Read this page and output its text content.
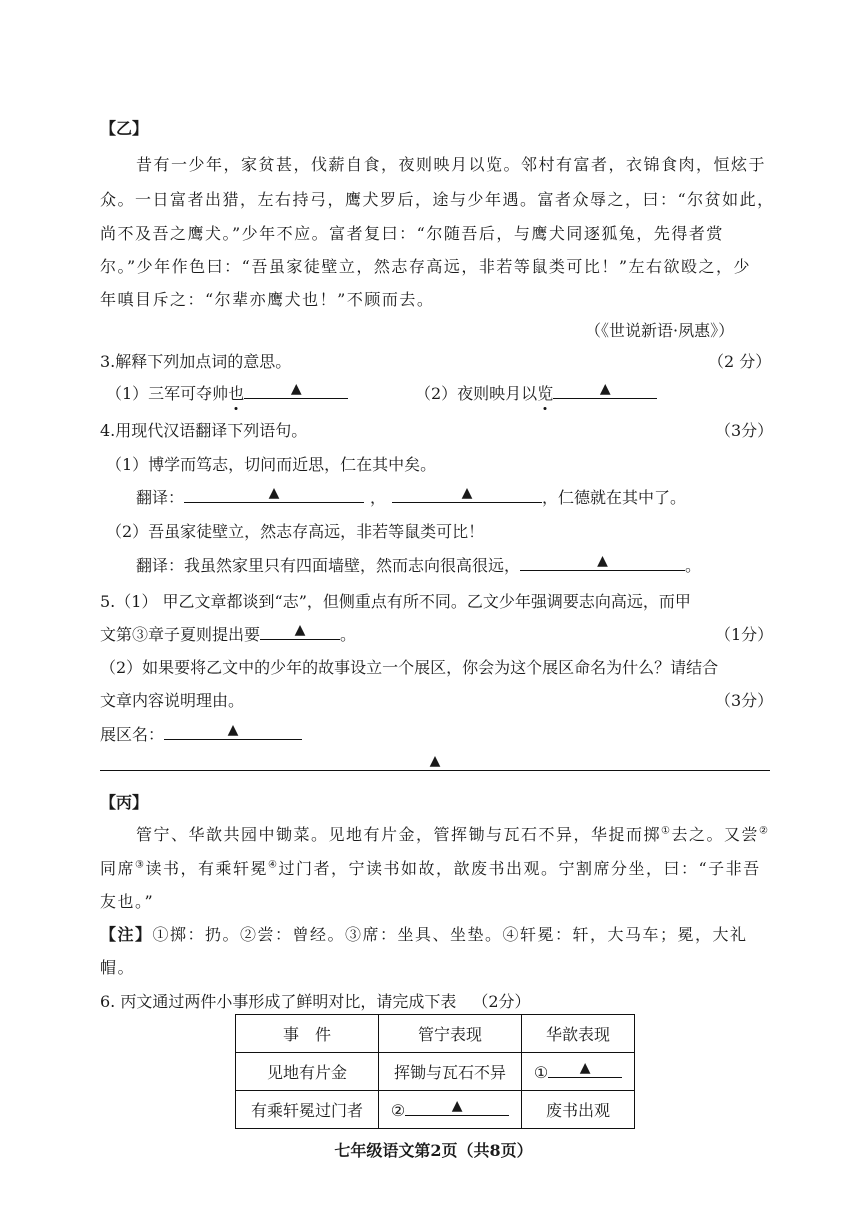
【乙】
昔有一少年，家贫甚，伐薪自食，夜则映月以览。邻村有富者，衣锦食肉，恒炫于
众。一日富者出猎，左右持弓，鹰犬罗后，途与少年遇。富者众辱之，曰：“尔贫如此，
尚不及吾之鹰犬。”少年不应。富者复曰：“尔随吾后，与鹰犬同逐狐兔，先得者赏
尔。”少年作色曰：“吾虽家徒壁立，然志存高远，非若等鼠类可比！”左右欲殴之，少
年嗔目斥之：“尔辈亦鹰犬也！”不顾而去。
（《世说新语·夙惠》）
3.解释下列加点词的意思。	（2 分）
（1）三军可夺帅也	▲	（2）夜则映月以览	▲
4.用现代汉语翻译下列语句。	（3分）
（1）博学而笃志，切问而近思，仁在其中矣。
翻译：	▲	，	▲	，仁德就在其中了。
（2）吾虽家徒壁立，然志存高远，非若等鼠类可比！
翻译：我虽然家里只有四面墙壁，然而志向很高很远，	▲	。
5.（1） 甲乙文章都谈到“志”，但侧重点有所不同。乙文少年强调要志向高远，而甲
文第③章子夏则提出要 ▲ 。	（1分）
（2）如果要将乙文中的少年的故事设立一个展区，你会为这个展区命名为什么？请结合
文章内容说明理由。	（3分）
展区名：	▲
▲
【丙】
管宁、华歆共园中锄菜。见地有片金，管挥锄与瓦石不异，华捉而掷①去之。又尝②
同席③读书，有乘轩冕④过门者，宁读书如故，歆废书出观。宁割席分坐，曰：“子非吾
友也。”
【注】①掷：扔。②尝：曾经。③席：坐具、坐垫。④轩冕：轩，大马车；冕，大礼
帽。
6. 丙文通过两件小事形成了鲜明对比，请完成下表 （2分）
事　件	管宁表现	华歆表现
见地有片金	挥锄与瓦石不异	① ▲

有乘轩冕过门者	② ▲	废书出观
七年级语文第2页（共8页）
